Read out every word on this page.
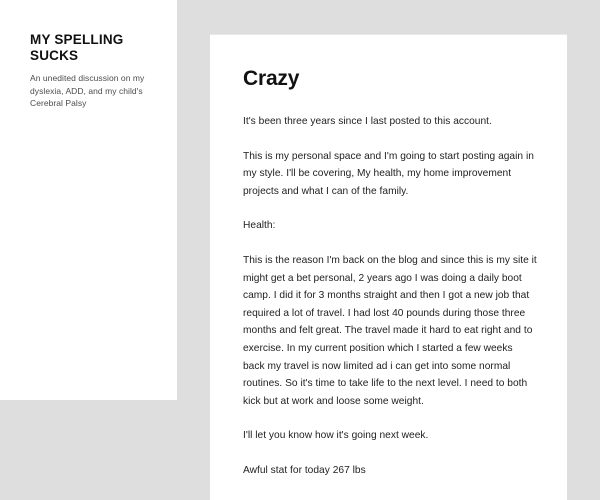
MY SPELLING SUCKS

An unedited discussion on my dyslexia, ADD, and my child's Cerebral Palsy

Crazy

It's been three years since I last posted to this account.

This is my personal space and I'm going to start posting again in my style. I'll be covering, My health, my home improvement projects and what I can of the family.

Health:

This is the reason I'm back on the blog and since this is my site it might get a bet personal, 2 years ago I was doing a daily boot camp. I did it for 3 months straight and then I got a new job that required a lot of travel. I had lost 40 pounds during those three months and felt great. The travel made it hard to eat right and to exercise. In my current position which I started a few weeks back my travel is now limited ad i can get into some normal routines. So it's time to take life to the next level. I need to both kick but at work and loose some weight.

I'll let you know how it's going next week.

Awful stat for today 267 lbs
